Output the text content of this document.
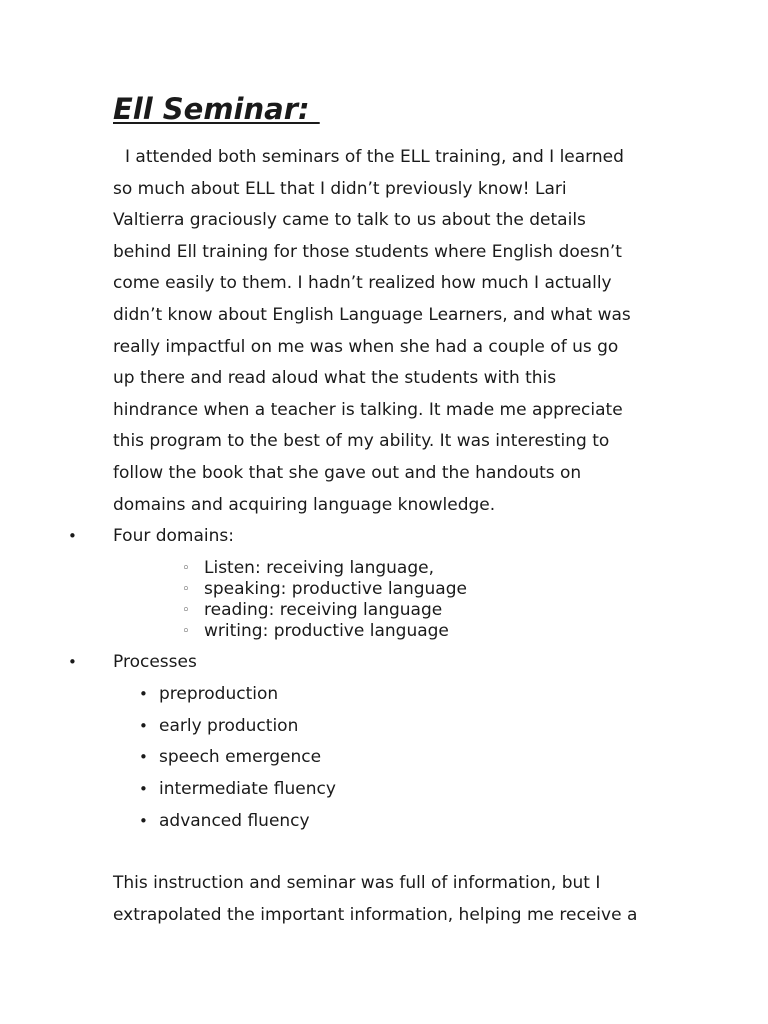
Ell Seminar:
I attended both seminars of the ELL training, and I learned
so much about ELL that I didn’t previously know! Lari
Valtierra graciously came to talk to us about the details
behind Ell training for those students where English doesn’t
come easily to them. I hadn’t realized how much I actually
didn’t know about English Language Learners, and what was
really impactful on me was when she had a couple of us go
up there and read aloud what the students with this
hindrance when a teacher is talking. It made me appreciate
this program to the best of my ability. It was interesting to
follow the book that she gave out and the handouts on
domains and acquiring language knowledge.
• Four domains:
◦ Listen: receiving language,
◦ speaking: productive language
◦ reading: receiving language
◦ writing: productive language
• Processes
• preproduction
• early production
• speech emergence
• intermediate fluency
• advanced fluency
This instruction and seminar was full of information, but I
extrapolated the important information, helping me receive a
